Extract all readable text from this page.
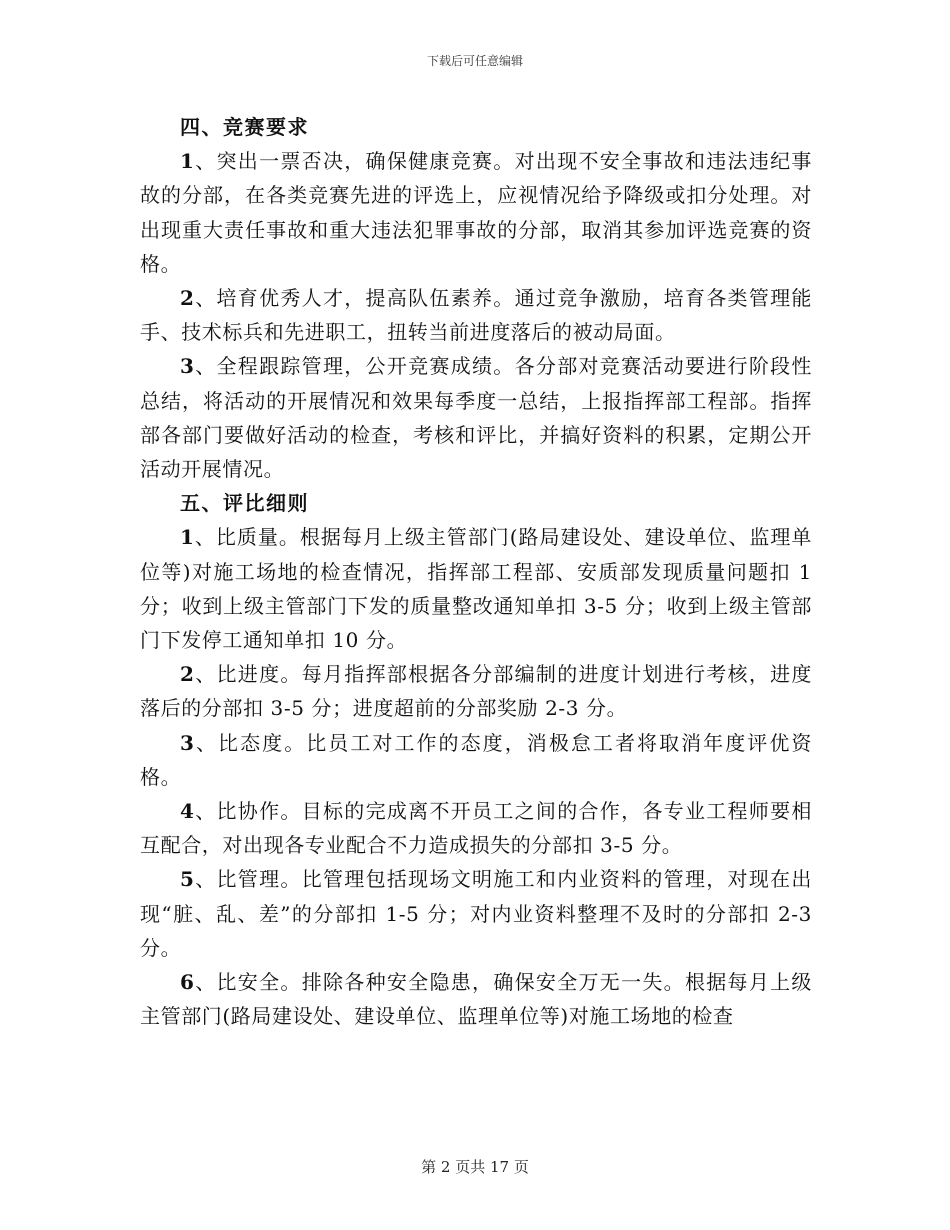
下载后可任意编辑

四、竞赛要求

1、突出一票否决，确保健康竞赛。对出现不安全事故和违法违纪事故的分部，在各类竞赛先进的评选上，应视情况给予降级或扣分处理。对出现重大责任事故和重大违法犯罪事故的分部，取消其参加评选竞赛的资格。

2、培育优秀人才，提高队伍素养。通过竞争激励，培育各类管理能手、技术标兵和先进职工，扭转当前进度落后的被动局面。

3、全程跟踪管理，公开竞赛成绩。各分部对竞赛活动要进行阶段性总结，将活动的开展情况和效果每季度一总结，上报指挥部工程部。指挥部各部门要做好活动的检查，考核和评比，并搞好资料的积累，定期公开活动开展情况。

五、评比细则

1、比质量。根据每月上级主管部门(路局建设处、建设单位、监理单位等)对施工场地的检查情况，指挥部工程部、安质部发现质量问题扣 1 分；收到上级主管部门下发的质量整改通知单扣 3-5 分；收到上级主管部门下发停工通知单扣 10 分。

2、比进度。每月指挥部根据各分部编制的进度计划进行考核，进度落后的分部扣 3-5 分；进度超前的分部奖励 2-3 分。

3、比态度。比员工对工作的态度，消极怠工者将取消年度评优资格。

4、比协作。目标的完成离不开员工之间的合作，各专业工程师要相互配合，对出现各专业配合不力造成损失的分部扣 3-5 分。

5、比管理。比管理包括现场文明施工和内业资料的管理，对现在出现“脏、乱、差”的分部扣 1-5 分；对内业资料整理不及时的分部扣 2-3 分。

6、比安全。排除各种安全隐患，确保安全万无一失。根据每月上级主管部门(路局建设处、建设单位、监理单位等)对施工场地的检查

第 2 页共 17 页
